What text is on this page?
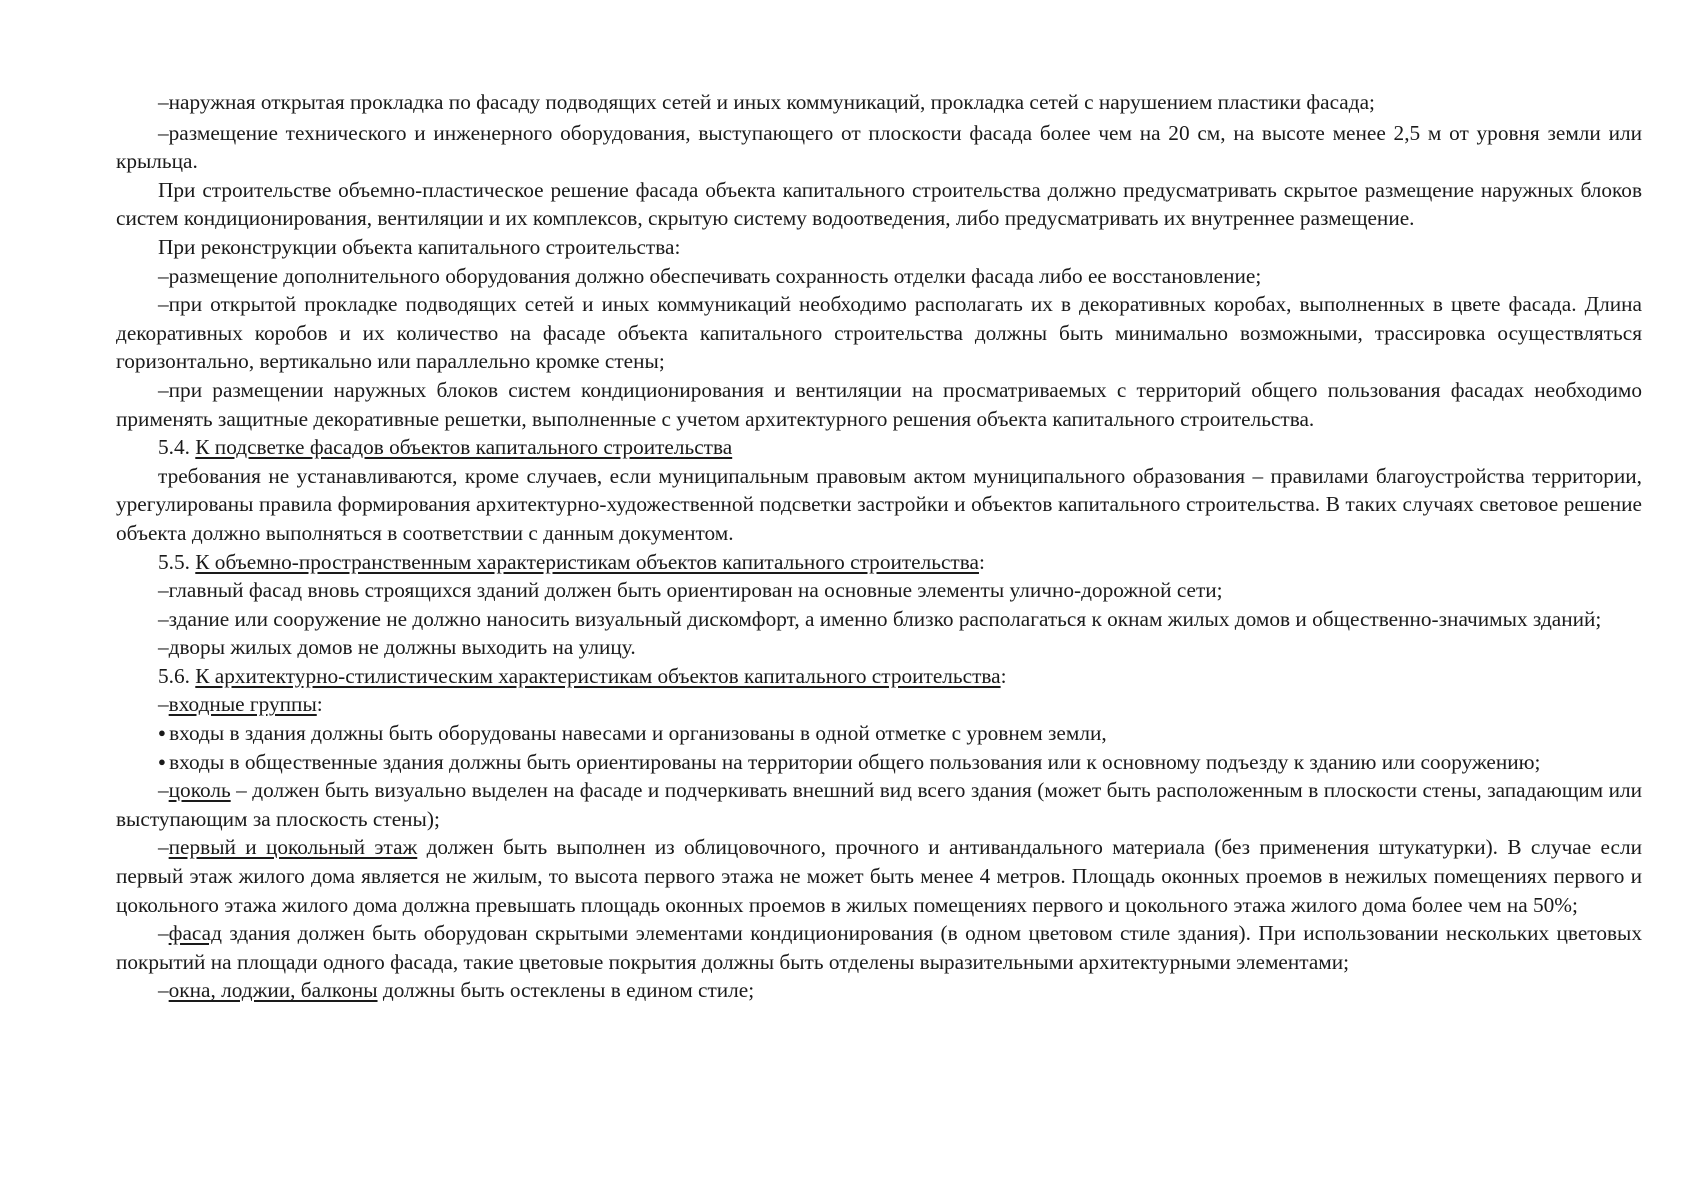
– наружная открытая прокладка по фасаду подводящих сетей и иных коммуникаций, прокладка сетей с нарушением пластики фасада;

– размещение технического и инженерного оборудования, выступающего от плоскости фасада более чем на 20 см, на высоте менее 2,5 м от уровня земли или крыльца.

При строительстве объемно-пластическое решение фасада объекта капитального строительства должно предусматривать скрытое размещение наружных блоков систем кондиционирования, вентиляции и их комплексов, скрытую систему водоотведения, либо предусматривать их внутреннее размещение.

При реконструкции объекта капитального строительства:

– размещение дополнительного оборудования должно обеспечивать сохранность отделки фасада либо ее восстановление;

– при открытой прокладке подводящих сетей и иных коммуникаций необходимо располагать их в декоративных коробах, выполненных в цвете фасада. Длина декоративных коробов и их количество на фасаде объекта капитального строительства должны быть минимально возможными, трассировка осуществляться горизонтально, вертикально или параллельно кромке стены;

– при размещении наружных блоков систем кондиционирования и вентиляции на просматриваемых с территорий общего пользования фасадах необходимо применять защитные декоративные решетки, выполненные с учетом архитектурного решения объекта капитального строительства.

5.4. К подсветке фасадов объектов капитального строительства

требования не устанавливаются, кроме случаев, если муниципальным правовым актом муниципального образования – правилами благоустройства территории, урегулированы правила формирования архитектурно-художественной подсветки застройки и объектов капитального строительства. В таких случаях световое решение объекта должно выполняться в соответствии с данным документом.

5.5. К объемно-пространственным характеристикам объектов капитального строительства:

– главный фасад вновь строящихся зданий должен быть ориентирован на основные элементы улично-дорожной сети;

– здание или сооружение не должно наносить визуальный дискомфорт, а именно близко располагаться к окнам жилых домов и общественно-значимых зданий;

– дворы жилых домов не должны выходить на улицу.

5.6. К архитектурно-стилистическим характеристикам объектов капитального строительства:

– входные группы:

● входы в здания должны быть оборудованы навесами и организованы в одной отметке с уровнем земли,

● входы в общественные здания должны быть ориентированы на территории общего пользования или к основному подъезду к зданию или сооружению;

– цоколь – должен быть визуально выделен на фасаде и подчеркивать внешний вид всего здания (может быть расположенным в плоскости стены, западающим или выступающим за плоскость стены);

– первый и цокольный этаж должен быть выполнен из облицовочного, прочного и антивандального материала (без применения штукатурки). В случае если первый этаж жилого дома является не жилым, то высота первого этажа не может быть менее 4 метров. Площадь оконных проемов в нежилых помещениях первого и цокольного этажа жилого дома должна превышать площадь оконных проемов в жилых помещениях первого и цокольного этажа жилого дома более чем на 50%;

– фасад здания должен быть оборудован скрытыми элементами кондиционирования (в одном цветовом стиле здания). При использовании нескольких цветовых покрытий на площади одного фасада, такие цветовые покрытия должны быть отделены выразительными архитектурными элементами;

– окна, лоджии, балконы должны быть остеклены в едином стиле;
